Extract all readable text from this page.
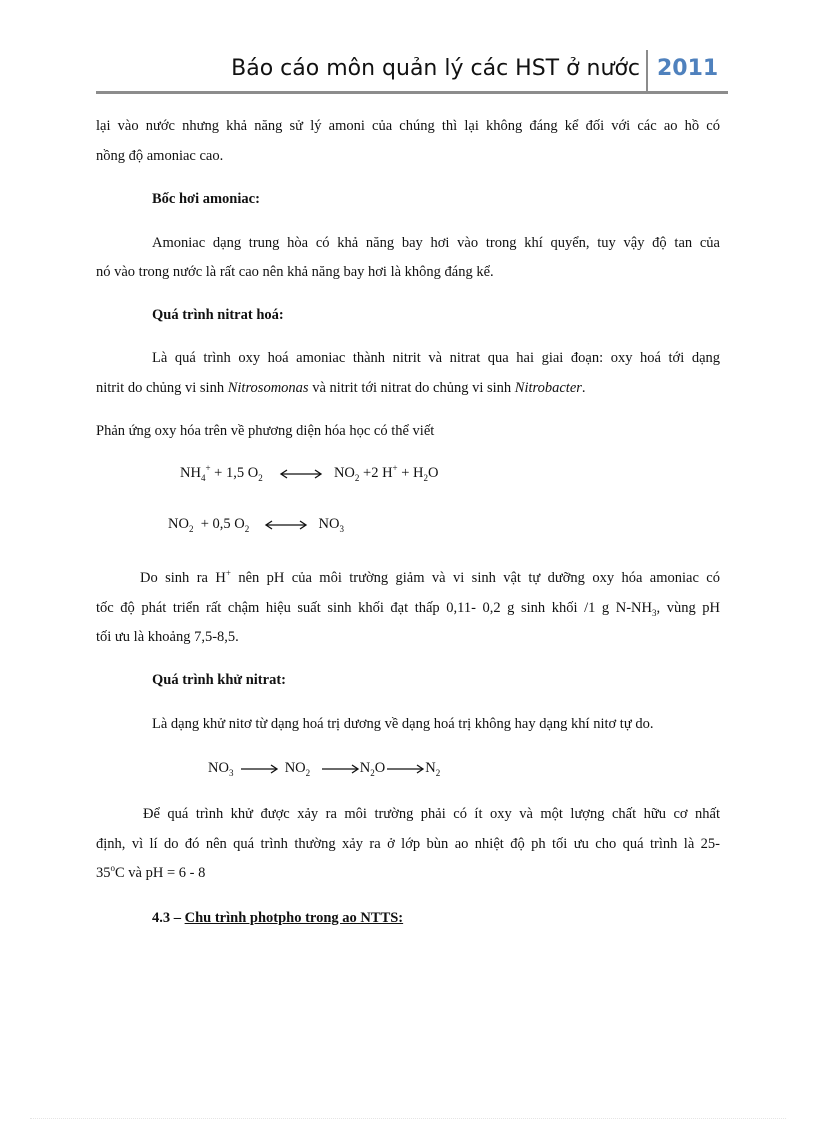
Báo cáo môn quản lý các HST ở nước 2011
lại vào nước nhưng khả năng sử lý amoni của chúng thì lại không đáng kể đối với các ao hồ có
nồng độ amoniac cao.
Bốc hơi amoniac:
Amoniac dạng trung hòa có khả năng bay hơi vào trong khí quyển, tuy vậy độ tan của
nó vào trong nước là rất cao nên khả năng bay hơi là không đáng kể.
Quá trình nitrat hoá:
Là quá trình oxy hoá amoniac thành nitrit và nitrat qua hai giai đoạn: oxy hoá tới dạng
nitrit do chủng vi sinh Nitrosomonas và nitrit tới nitrat do chủng vi sinh Nitrobacter.
Phản ứng oxy hóa trên về phương diện hóa học có thể viết
$NH_4^+ + 1,5$ $O_2$	$NO_2 +2$ $H^+ + H_2O$
$NO_2 + 0,5$ $O_2$	$NO_3$
Do sinh ra H+ nên pH của môi trường giảm và vi sinh vật tự dưỡng oxy hóa amoniac có
tốc độ phát triển rất chậm hiệu suất sinh khối đạt thấp 0,11- 0,2 g sinh khối /1 g $N-NH_3$, vùng pH
tối ưu là khoảng 7,5-8,5.
Quá trình khử nitrat:
Là dạng khử nitơ từ dạng hoá trị dương về dạng hoá trị không hay dạng khí nitơ tự do.
$NO_3$	$NO_2$	$N_2O$	$N_2$
Để quá trình khử được xảy ra môi trường phải có ít oxy và một lượng chất hữu cơ nhất
định, vì lí do đó nên quá trình thường xảy ra ở lớp bùn ao nhiệt độ ph tối ưu cho quá trình là 25-
35$^o$C và pH = 6 - 8
4.3 – Chu trình photpho trong ao NTTS:
